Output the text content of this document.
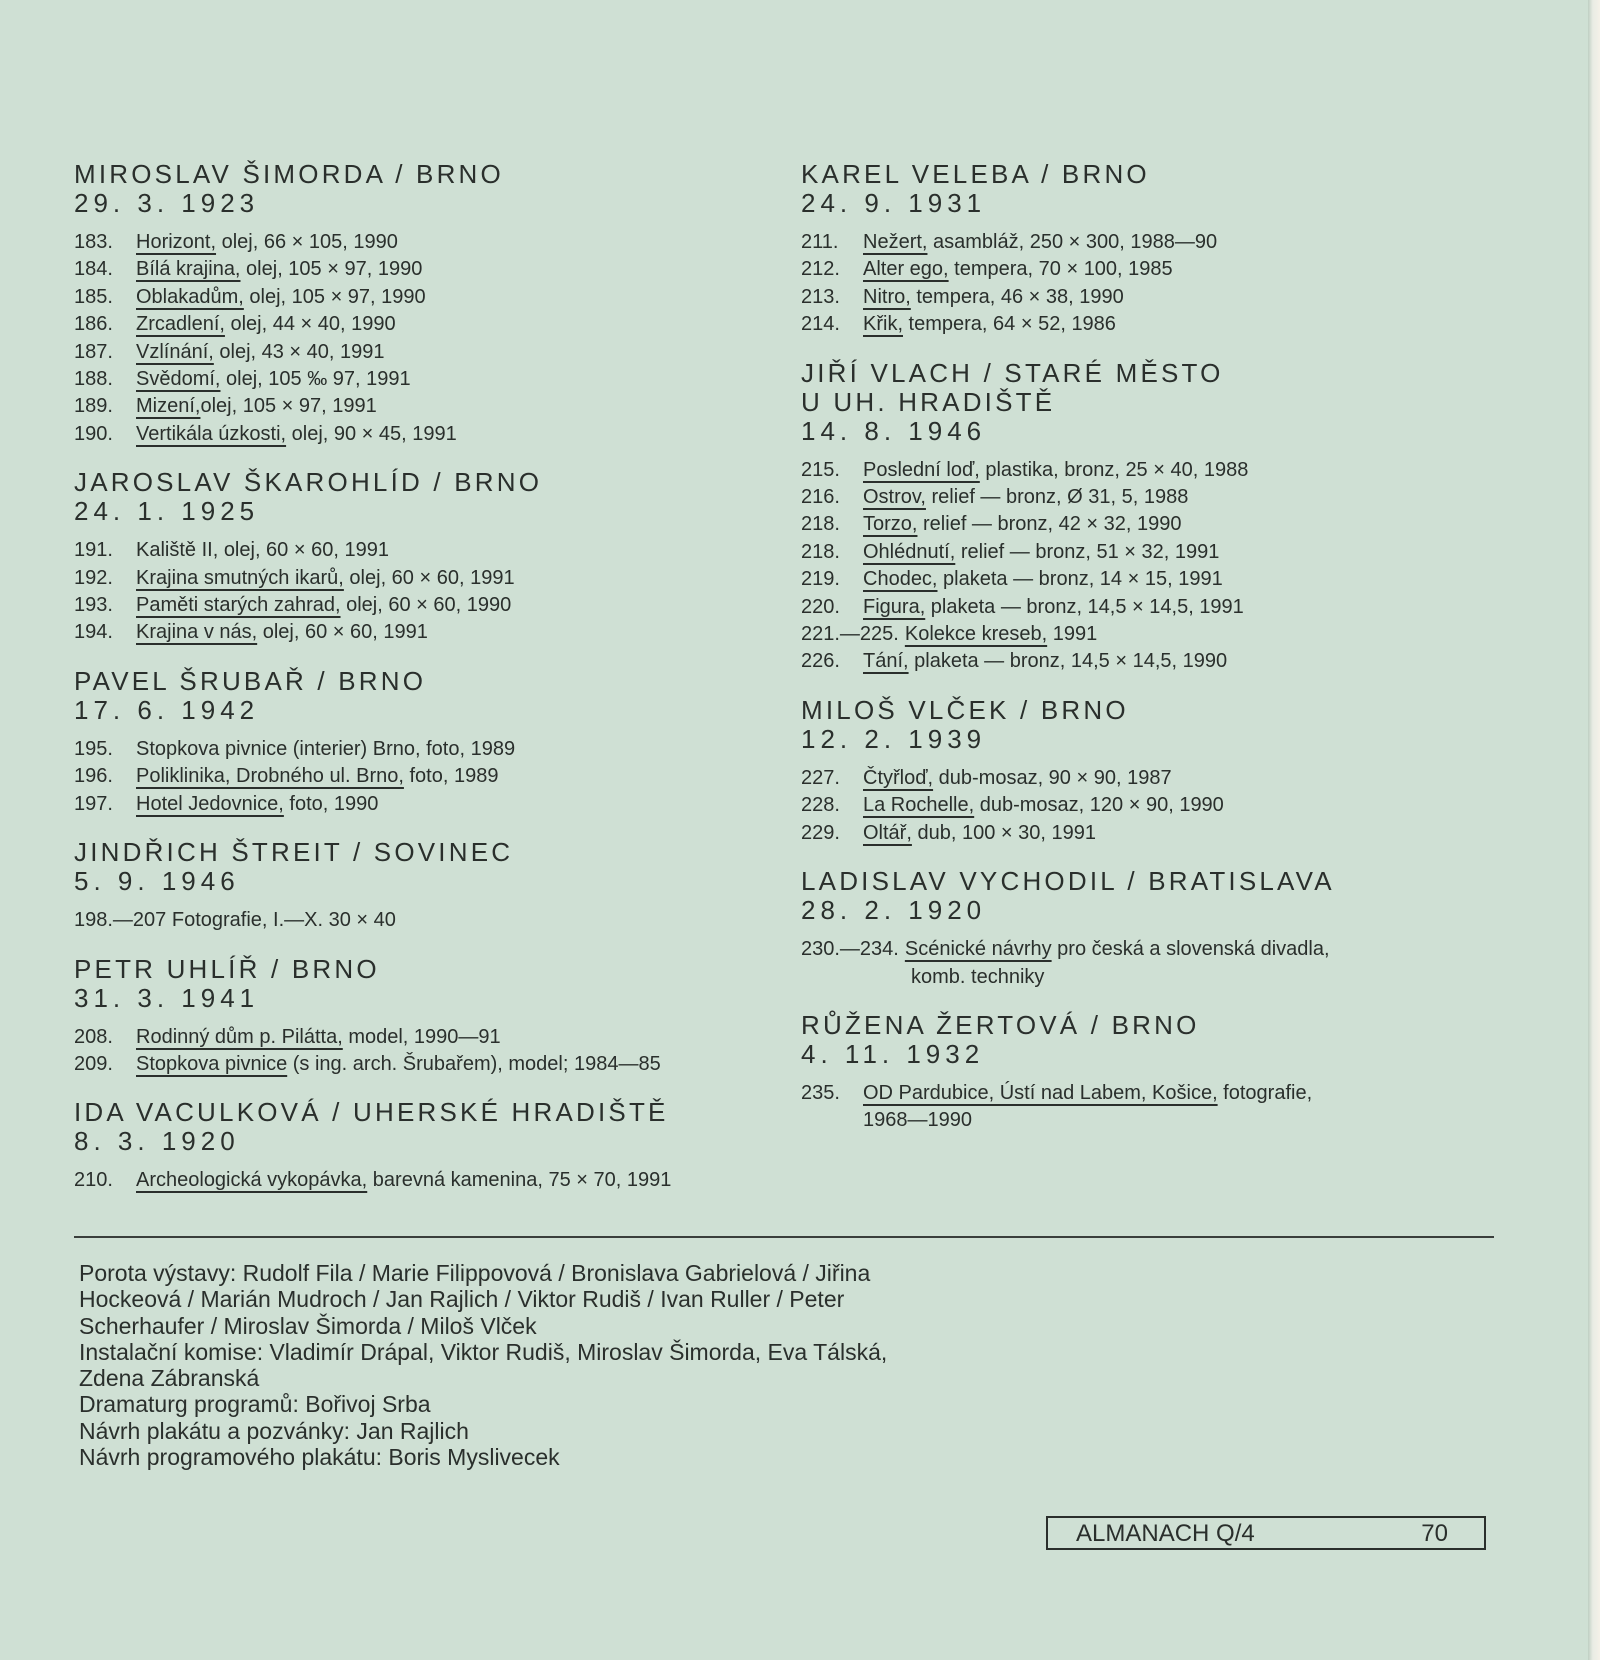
MIROSLAV ŠIMORDA / BRNO
29. 3. 1923
183.	Horizont, olej, 66 × 105, 1990
184.	Bílá krajina, olej, 105 × 97, 1990
185.	Oblakadům, olej, 105 × 97, 1990
186.	Zrcadlení, olej, 44 × 40, 1990
187.	Vzlínání, olej, 43 × 40, 1991
188.	Svědomí, olej, 105 ‰ 97, 1991
189.	Mizení,olej, 105 × 97, 1991
190.	Vertikála úzkosti, olej, 90 × 45, 1991
JAROSLAV ŠKAROHLÍD / BRNO
24. 1. 1925
191.	Kaliště II, olej, 60 × 60, 1991
192.	Krajina smutných ikarů, olej, 60 × 60, 1991
193.	Paměti starých zahrad, olej, 60 × 60, 1990
194.	Krajina v nás, olej, 60 × 60, 1991
PAVEL ŠRUBAŘ / BRNO
17. 6. 1942
195.	Stopkova pivnice (interier) Brno, foto, 1989
196.	Poliklinika, Drobného ul. Brno, foto, 1989
197.	Hotel Jedovnice, foto, 1990
JINDŘICH ŠTREIT / SOVINEC
5. 9. 1946
198.—207 Fotografie, I.—X. 30 × 40
PETR UHLÍŘ / BRNO
31. 3. 1941
208.	Rodinný dům p. Pilátta, model, 1990—91
209.	Stopkova pivnice (s ing. arch. Šrubařem), model; 1984—85
IDA VACULKOVÁ / UHERSKÉ HRADIŠTĚ
8. 3. 1920
210.	Archeologická vykopávka, barevná kamenina, 75 × 70, 1991
KAREL VELEBA / BRNO
24. 9. 1931
211.	Nežert, asambláž, 250 × 300, 1988—90
212.	Alter ego, tempera, 70 × 100, 1985
213.	Nitro, tempera, 46 × 38, 1990
214.	Křik, tempera, 64 × 52, 1986
JIŘÍ VLACH / STARÉ MĚSTO
U UH. HRADIŠTĚ
14. 8. 1946
215.	Poslední loď, plastika, bronz, 25 × 40, 1988
216.	Ostrov, relief — bronz, Ø 31, 5, 1988
218.	Torzo, relief — bronz, 42 × 32, 1990
218.	Ohlédnutí, relief — bronz, 51 × 32, 1991
219.	Chodec, plaketa — bronz, 14 × 15, 1991
220.	Figura, plaketa — bronz, 14,5 × 14,5, 1991
221.—225. Kolekce kreseb, 1991
226.	Tání, plaketa — bronz, 14,5 × 14,5, 1990
MILOŠ VLČEK / BRNO
12. 2. 1939
227.	Čtyřloď, dub-mosaz, 90 × 90, 1987
228.	La Rochelle, dub-mosaz, 120 × 90, 1990
229.	Oltář, dub, 100 × 30, 1991
LADISLAV VYCHODIL / BRATISLAVA
28. 2. 1920
230.—234. Scénické návrhy pro česká a slovenská divadla,
komb. techniky
RŮŽENA ŽERTOVÁ / BRNO
4. 11. 1932
235.	OD Pardubice, Ústí nad Labem, Košice, fotografie,
1968—1990

Porota výstavy: Rudolf Fila / Marie Filippovová / Bronislava Gabrielová / Jiřina

Hockeová / Marián Mudroch / Jan Rajlich / Viktor Rudiš / Ivan Ruller / Peter

Scherhaufer / Miroslav Šimorda / Miloš Vlček

Instalační komise: Vladimír Drápal, Viktor Rudiš, Miroslav Šimorda, Eva Tálská,

Zdena Zábranská

Dramaturg programů: Bořivoj Srba

Návrh plakátu a pozvánky: Jan Rajlich

Návrh programového plakátu: Boris Myslivecek

ALMANACH Q/4	70
